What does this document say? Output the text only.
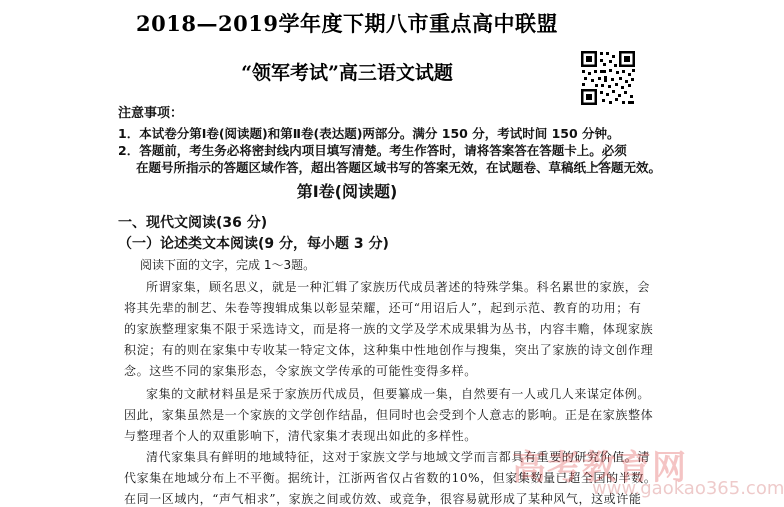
2018—2019学年度下期八市重点高中联盟
“领军考试”高三语文试题
注意事项：
1．本试卷分第Ⅰ卷(阅读题)和第Ⅱ卷(表达题)两部分。满分 150 分，考试时间 150 分钟。
2．答题前，考生务必将密封线内项目填写清楚。考生作答时，请将答案答在答题卡上。必须
在题号所指示的答题区域作答，超出答题区域书写的答案无效，在试题卷、草稿纸上答题无效。
第Ⅰ卷(阅读题)
一、现代文阅读(36 分)
（一）论述类文本阅读(9 分，每小题 3 分)
阅读下面的文字，完成 1～3题。
所谓家集，顾名思义，就是一种汇辑了家族历代成员著述的特殊学集。科名累世的家族，会
将其先辈的制艺、朱卷等搜辑成集以彰显荣耀，还可“用诏后人”，起到示范、教育的功用；有
的家族整理家集不限于采选诗文，而是将一族的文学及学术成果辑为丛书，内容丰赡，体现家族
积淀；有的则在家集中专收某一特定文体，这种集中性地创作与搜集，突出了家族的诗文创作理
念。这些不同的家集形态，令家族文学传承的可能性变得多样。
家集的文献材料虽是采于家族历代成员，但要纂成一集，自然要有一人或几人来谋定体例。
因此，家集虽然是一个家族的文学创作结晶，但同时也会受到个人意志的影响。正是在家族整体
与整理者个人的双重影响下，清代家集才表现出如此的多样性。
清代家集具有鲜明的地域特征，这对于家族文学与地域文学而言都具有重要的研究价值。清
代家集在地域分布上不平衡。据统计，江浙两省仅占省数的10%，但家集数量已超全国的半数。
在同一区域内，“声气相求”，家族之间或仿效、或竞争，很容易就形成了某种风气，这或许能
高考教育网
www.gaokao365.com
